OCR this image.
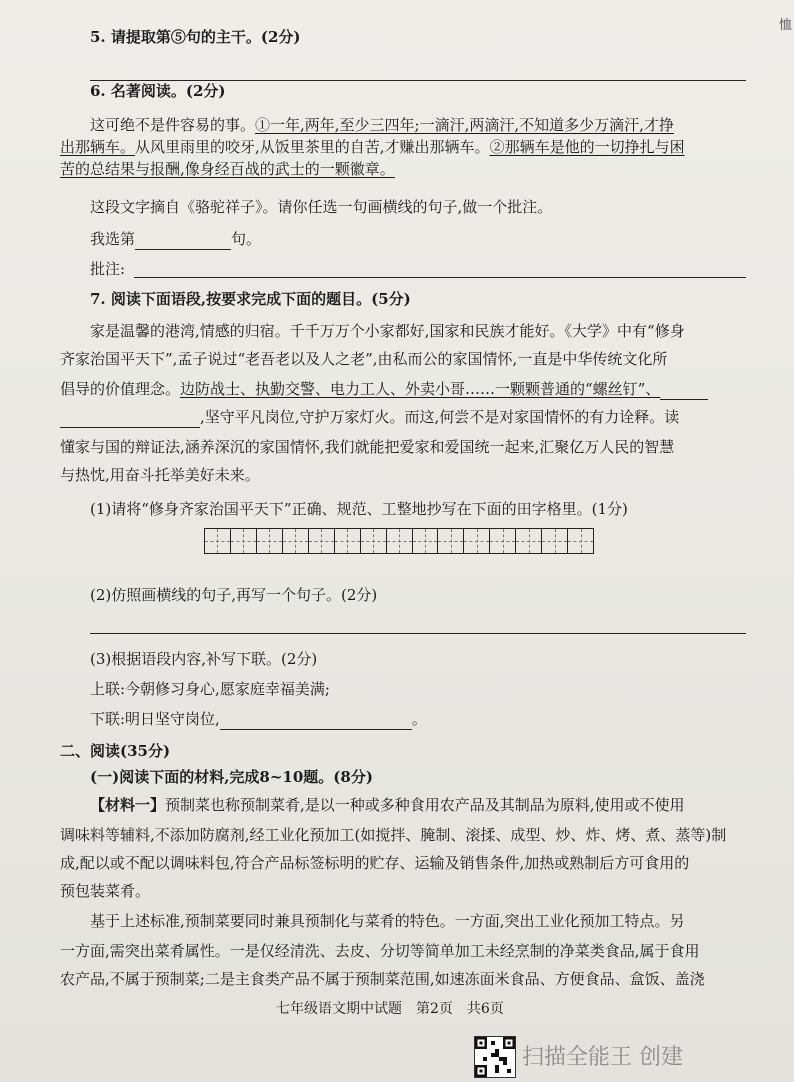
恤
5. 请提取第⑤句的主干。(2分)
6. 名著阅读。(2分)
这可绝不是件容易的事。①一年,两年,至少三四年;一滴汗,两滴汗,不知道多少万滴汗,才挣
出那辆车。从风里雨里的咬牙,从饭里茶里的自苦,才赚出那辆车。②那辆车是他的一切挣扎与困
苦的总结果与报酬,像身经百战的武士的一颗徽章。
这段文字摘自《骆驼祥子》。请你任选一句画横线的句子,做一个批注。
我选第	句。
批注:
7. 阅读下面语段,按要求完成下面的题目。(5分)
家是温馨的港湾,情感的归宿。千千万万个小家都好,国家和民族才能好。《大学》中有“修身
齐家治国平天下”,孟子说过“老吾老以及人之老”,由私而公的家国情怀,一直是中华传统文化所
倡导的价值理念。边防战士、执勤交警、电力工人、外卖小哥……一颗颗普通的“螺丝钉”、
,坚守平凡岗位,守护万家灯火。而这,何尝不是对家国情怀的有力诠释。读
懂家与国的辩证法,涵养深沉的家国情怀,我们就能把爱家和爱国统一起来,汇聚亿万人民的智慧
与热忱,用奋斗托举美好未来。
(1)请将“修身齐家治国平天下”正确、规范、工整地抄写在下面的田字格里。(1分)
(2)仿照画横线的句子,再写一个句子。(2分)
(3)根据语段内容,补写下联。(2分)
上联:今朝修习身心,愿家庭幸福美满;
下联:明日坚守岗位,	。
二、阅读(35分)
(一)阅读下面的材料,完成8~10题。(8分)
【材料一】预制菜也称预制菜肴,是以一种或多种食用农产品及其制品为原料,使用或不使用
调味料等辅料,不添加防腐剂,经工业化预加工(如搅拌、腌制、滚揉、成型、炒、炸、烤、煮、蒸等)制
成,配以或不配以调味料包,符合产品标签标明的贮存、运输及销售条件,加热或熟制后方可食用的
预包装菜肴。
基于上述标准,预制菜要同时兼具预制化与菜肴的特色。一方面,突出工业化预加工特点。另
一方面,需突出菜肴属性。一是仅经清洗、去皮、分切等简单加工未经烹制的净菜类食品,属于食用
农产品,不属于预制菜;二是主食类产品不属于预制菜范围,如速冻面米食品、方便食品、盒饭、盖浇
七年级语文期中试题　第2页　共6页
扫描全能王 创建
